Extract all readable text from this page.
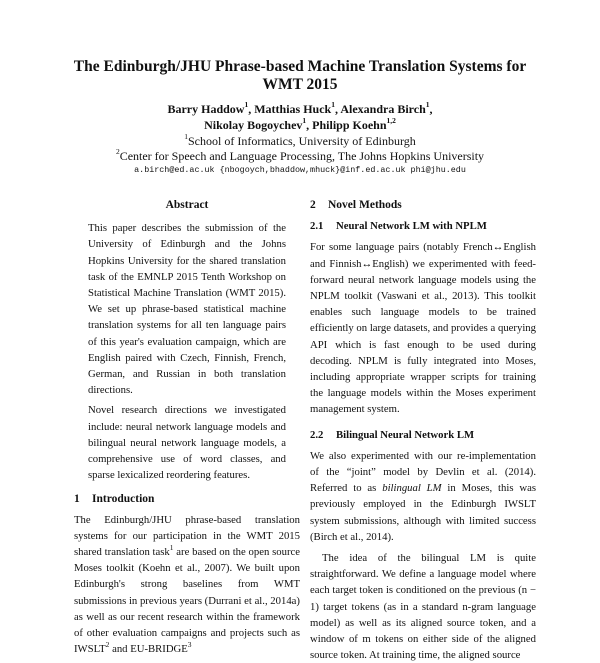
The Edinburgh/JHU Phrase-based Machine Translation Systems for WMT 2015
Barry Haddow$^1$, Matthias Huck$^1$, Alexandra Birch$^1$,
Nikolay Bogoychev$^1$, Philipp Koehn$^{1,2}$
$^1$School of Informatics, University of Edinburgh
$^2$Center for Speech and Language Processing, The Johns Hopkins University
a.birch@ed.ac.uk {nbogoych,bhaddow,mhuck}@inf.ed.ac.uk phi@jhu.edu
Abstract

This paper describes the submission of the University of Edinburgh and the Johns Hopkins University for the shared translation task of the EMNLP 2015 Tenth Workshop on Statistical Machine Translation (WMT 2015). We set up phrase-based statistical machine translation systems for all ten language pairs of this year's evaluation campaign, which are English paired with Czech, Finnish, French, German, and Russian in both translation directions.

Novel research directions we investigated include: neural network language models and bilingual neural network language models, a comprehensive use of word classes, and sparse lexicalized reordering features.

1 Introduction

The Edinburgh/JHU phrase-based translation systems for our participation in the WMT 2015 shared translation task$^1$ are based on the open source Moses toolkit (Koehn et al., 2007). We built upon Edinburgh's strong baselines from WMT submissions in previous years (Durrani et al., 2014a) as well as our recent research within the framework of other evaluation campaigns and projects such as IWSLT$^2$ and EU-BRIDGE$^3$

2 Novel Methods
2.1 Neural Network LM with NPLM

For some language pairs (notably French↔English and Finnish↔English) we experimented with feed-forward neural network language models using the NPLM toolkit (Vaswani et al., 2013). This toolkit enables such language models to be trained efficiently on large datasets, and provides a querying API which is fast enough to be used during decoding. NPLM is fully integrated into Moses, including appropriate wrapper scripts for training the language models within the Moses experiment management system.

2.2 Bilingual Neural Network LM

We also experimented with our re-implementation of the “joint” model by Devlin et al. (2014). Referred to as bilingual LM in Moses, this was previously employed in the Edinburgh IWSLT system submissions, although with limited success (Birch et al., 2014).

The idea of the bilingual LM is quite straightforward. We define a language model where each target token is conditioned on the previous (n − 1) target tokens (as in a standard n-gram language model) as well as its aligned source token, and a window of m tokens on either side of the aligned source token. At training time, the aligned source
